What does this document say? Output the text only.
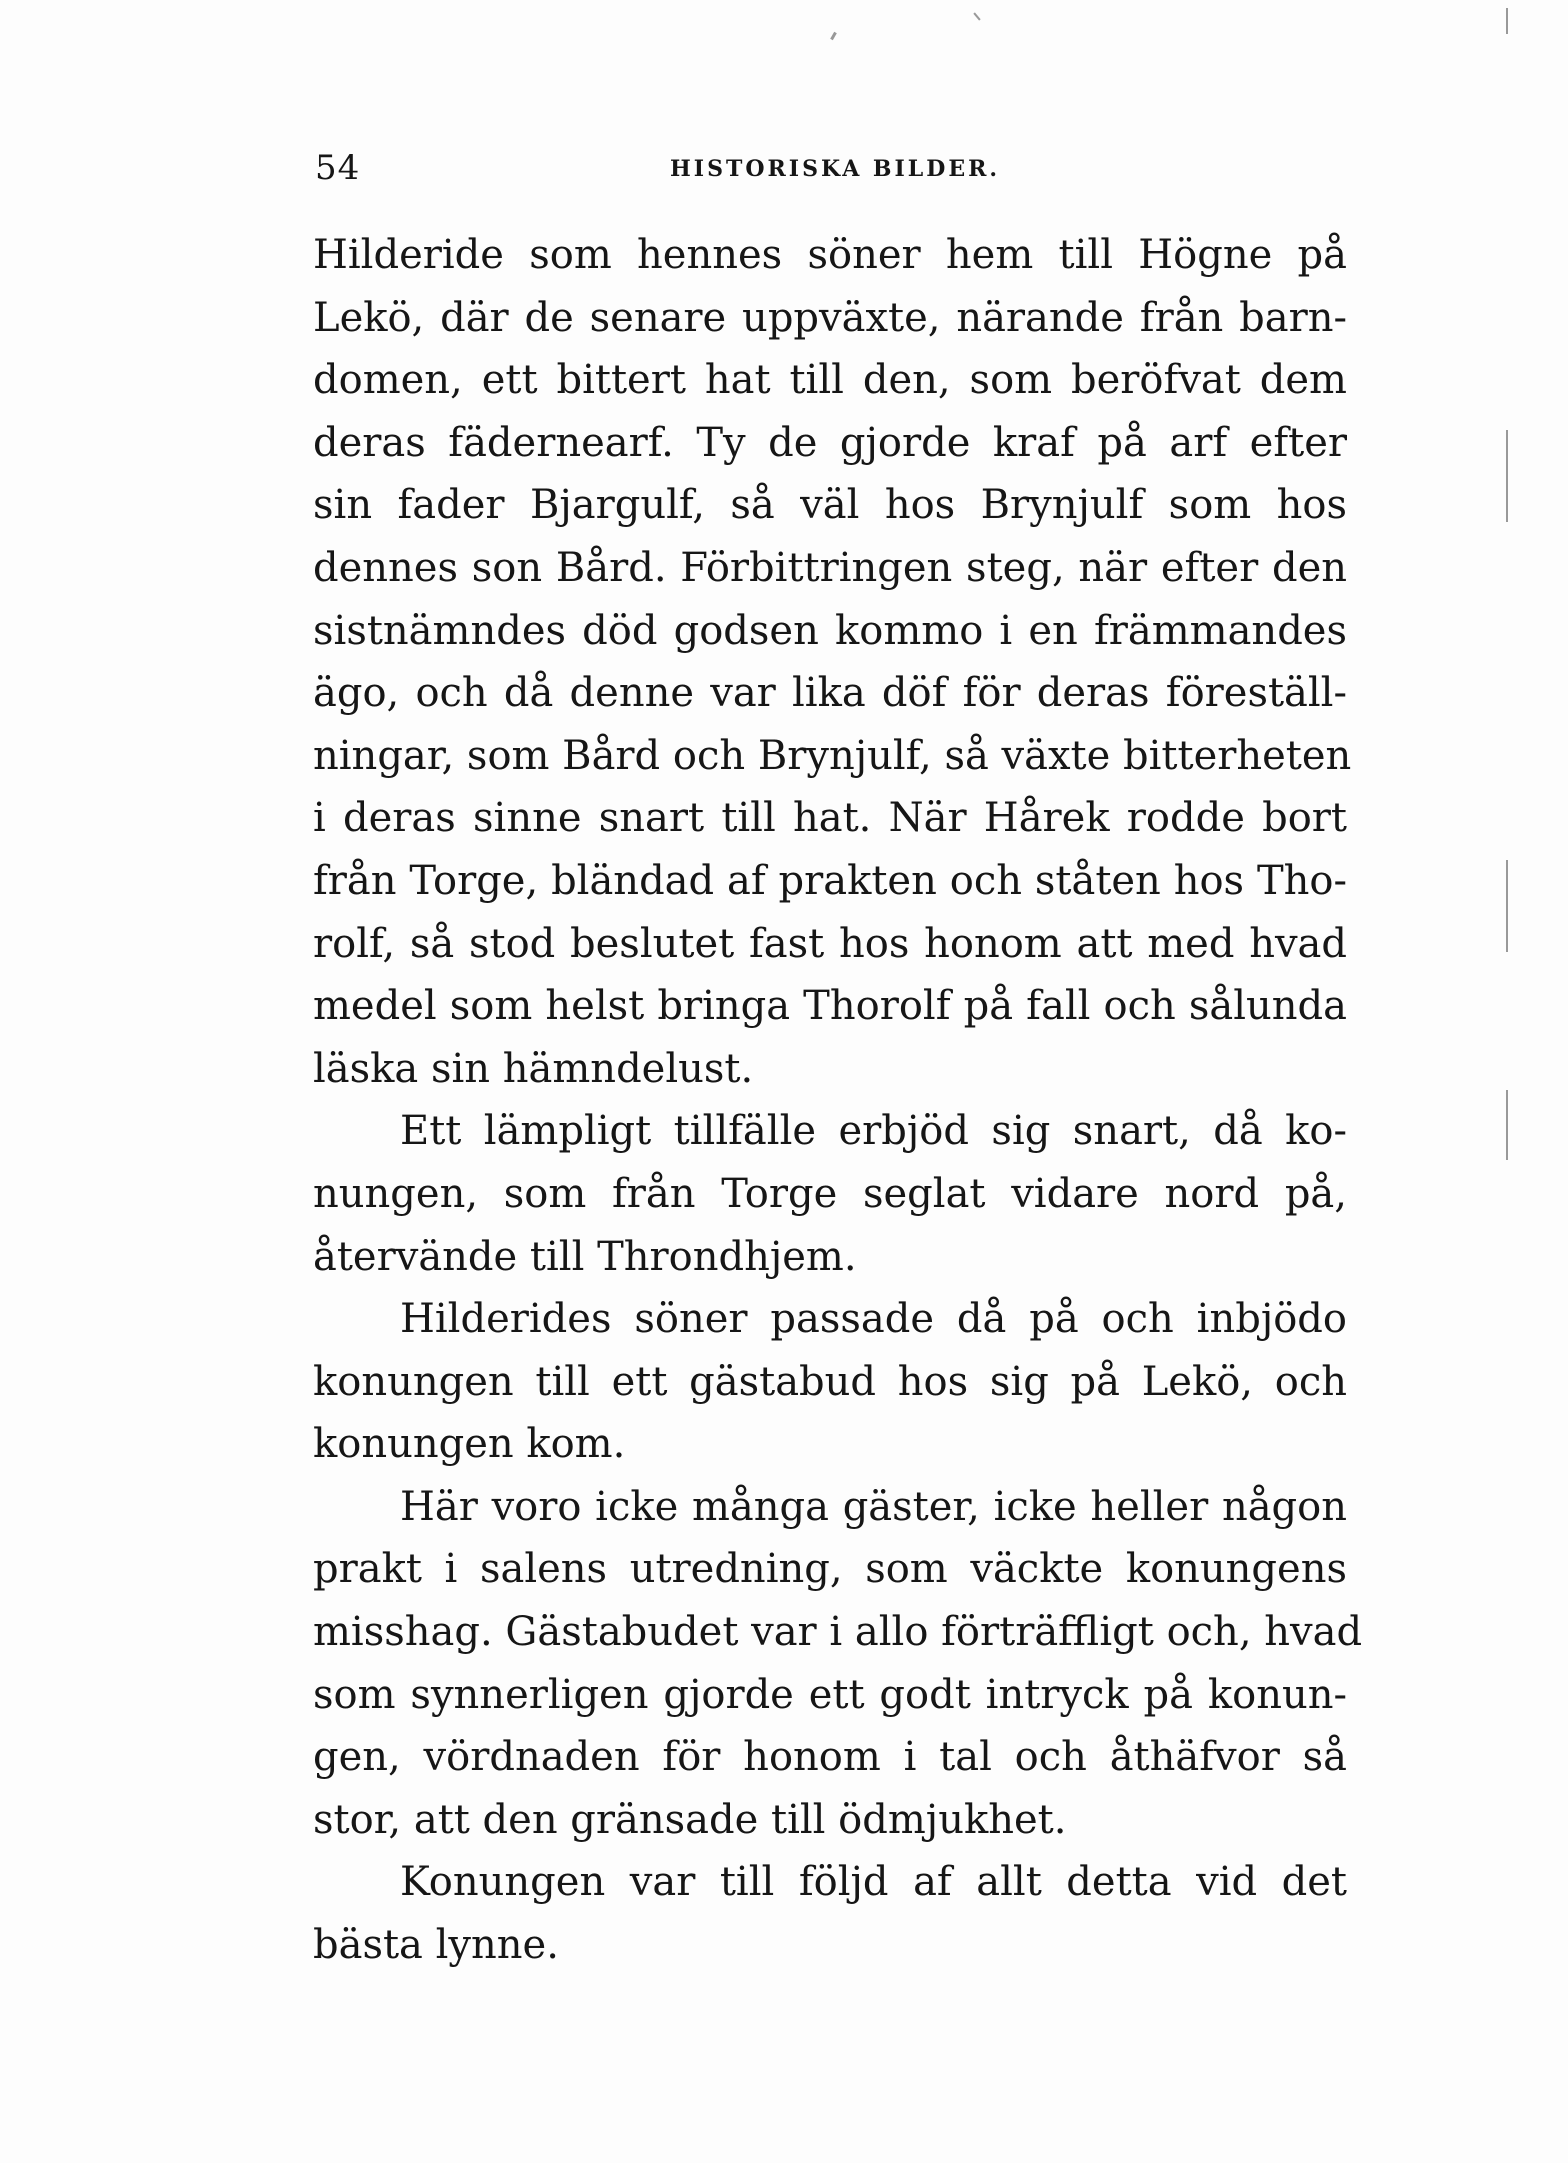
54	HISTORISKA BILDER.
Hilderide som hennes söner hem till Högne på
Lekö, där de senare uppväxte, närande från barn-
domen, ett bittert hat till den, som beröfvat dem
deras fädernearf. Ty de gjorde kraf på arf efter
sin fader Bjargulf, så väl hos Brynjulf som hos
dennes son Bård. Förbittringen steg, när efter den
sistnämndes död godsen kommo i en främmandes
ägo, och då denne var lika döf för deras föreställ-
ningar, som Bård och Brynjulf, så växte bitterheten
i deras sinne snart till hat. När Hårek rodde bort
från Torge, bländad af prakten och ståten hos Tho-
rolf, så stod beslutet fast hos honom att med hvad
medel som helst bringa Thorolf på fall och sålunda
läska sin hämndelust.
Ett lämpligt tillfälle erbjöd sig snart, då ko-
nungen, som från Torge seglat vidare nord på,
återvände till Throndhjem.
Hilderides söner passade då på och inbjödo
konungen till ett gästabud hos sig på Lekö, och
konungen kom.
Här voro icke många gäster, icke heller någon
prakt i salens utredning, som väckte konungens
misshag. Gästabudet var i allo förträffligt och, hvad
som synnerligen gjorde ett godt intryck på konun-
gen, vördnaden för honom i tal och åthäfvor så
stor, att den gränsade till ödmjukhet.
Konungen var till följd af allt detta vid det
bästa lynne.
